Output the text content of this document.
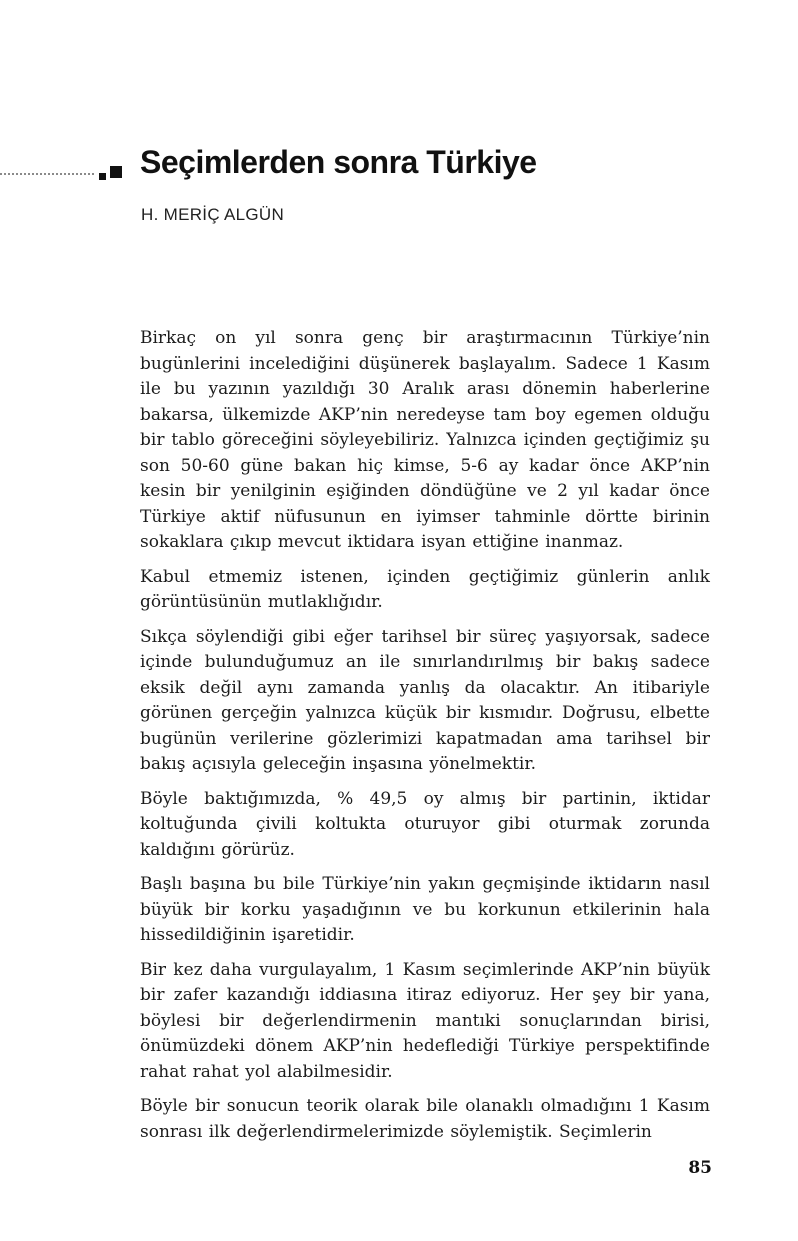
Seçimlerden sonra Türkiye
H. MERİÇ ALGÜN

Birkaç on yıl sonra genç bir araştırmacının Türkiye’nin bugünlerini incelediğini düşünerek başlayalım. Sadece 1 Kasım ile bu yazının yazıldığı 30 Aralık arası dönemin haberlerine bakarsa, ülkemizde AKP’nin neredeyse tam boy egemen olduğu bir tablo göreceğini söyleyebiliriz. Yalnızca içinden geçtiğimiz şu son 50-60 güne bakan hiç kimse, 5-6 ay kadar önce AKP’nin kesin bir yenilginin eşiğinden döndüğüne ve 2 yıl kadar önce Türkiye aktif nüfusunun en iyimser tahminle dörtte birinin sokaklara çıkıp mevcut iktidara isyan ettiğine inanmaz.

Kabul etmemiz istenen, içinden geçtiğimiz günlerin anlık görüntüsünün mutlaklığıdır.

Sıkça söylendiği gibi eğer tarihsel bir süreç yaşıyorsak, sadece içinde bulunduğumuz an ile sınırlandırılmış bir bakış sadece eksik değil aynı zamanda yanlış da olacaktır. An itibariyle görünen gerçeğin yalnızca küçük bir kısmıdır. Doğrusu, elbette bugünün verilerine gözlerimizi kapatmadan ama tarihsel bir bakış açısıyla geleceğin inşasına yönelmektir.

Böyle baktığımızda, % 49,5 oy almış bir partinin, iktidar koltuğunda çivili koltukta oturuyor gibi oturmak zorunda kaldığını görürüz.

Başlı başına bu bile Türkiye’nin yakın geçmişinde iktidarın nasıl büyük bir korku yaşadığının ve bu korkunun etkilerinin hala hissedildiğinin işaretidir.

Bir kez daha vurgulayalım, 1 Kasım seçimlerinde AKP’nin büyük bir zafer kazandığı iddiasına itiraz ediyoruz. Her şey bir yana, böylesi bir değerlendirmenin mantıki sonuçlarından birisi, önümüzdeki dönem AKP’nin hedeflediği Türkiye perspektifinde rahat rahat yol alabilmesidir.

Böyle bir sonucun teorik olarak bile olanaklı olmadığını 1 Kasım sonrası ilk değerlendirmelerimizde söylemiştik. Seçimlerin

85
